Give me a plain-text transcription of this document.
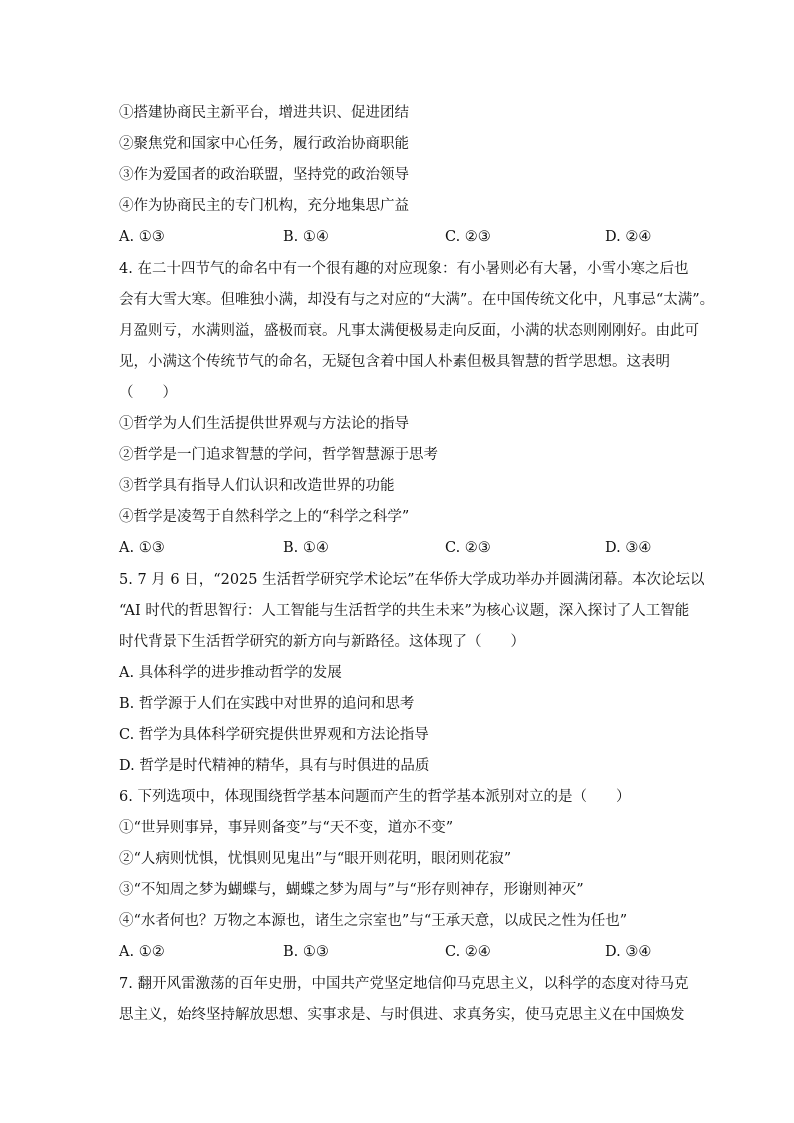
①搭建协商民主新平台，增进共识、促进团结
②聚焦党和国家中心任务，履行政治协商职能
③作为爱国者的政治联盟，坚持党的政治领导
④作为协商民主的专门机构，充分地集思广益
A. ①③	B. ①④	C. ②③	D. ②④
4. 在二十四节气的命名中有一个很有趣的对应现象：有小暑则必有大暑，小雪小寒之后也
会有大雪大寒。但唯独小满，却没有与之对应的“大满”。在中国传统文化中，凡事忌“太满”。
月盈则亏，水满则溢，盛极而衰。凡事太满便极易走向反面，小满的状态则刚刚好。由此可
见，小满这个传统节气的命名，无疑包含着中国人朴素但极具智慧的哲学思想。这表明
（　　）
①哲学为人们生活提供世界观与方法论的指导
②哲学是一门追求智慧的学问，哲学智慧源于思考
③哲学具有指导人们认识和改造世界的功能
④哲学是凌驾于自然科学之上的“科学之科学”
A. ①③	B. ①④	C. ②③	D. ③④
5. 7 月 6 日，“2025 生活哲学研究学术论坛”在华侨大学成功举办并圆满闭幕。本次论坛以
“AI 时代的哲思智行：人工智能与生活哲学的共生未来”为核心议题，深入探讨了人工智能
时代背景下生活哲学研究的新方向与新路径。这体现了（　　）
A. 具体科学的进步推动哲学的发展
B. 哲学源于人们在实践中对世界的追问和思考
C. 哲学为具体科学研究提供世界观和方法论指导
D. 哲学是时代精神的精华，具有与时俱进的品质
6. 下列选项中，体现围绕哲学基本问题而产生的哲学基本派别对立的是（　　）
①“世异则事异，事异则备变”与“天不变，道亦不变”
②“人病则忧惧，忧惧则见鬼出”与“眼开则花明，眼闭则花寂”
③“不知周之梦为蝴蝶与，蝴蝶之梦为周与”与“形存则神存，形谢则神灭”
④“水者何也？万物之本源也，诸生之宗室也”与“王承天意，以成民之性为任也”
A. ①②	B. ①③	C. ②④	D. ③④
7. 翻开风雷激荡的百年史册，中国共产党坚定地信仰马克思主义，以科学的态度对待马克
思主义，始终坚持解放思想、实事求是、与时俱进、求真务实，使马克思主义在中国焕发
